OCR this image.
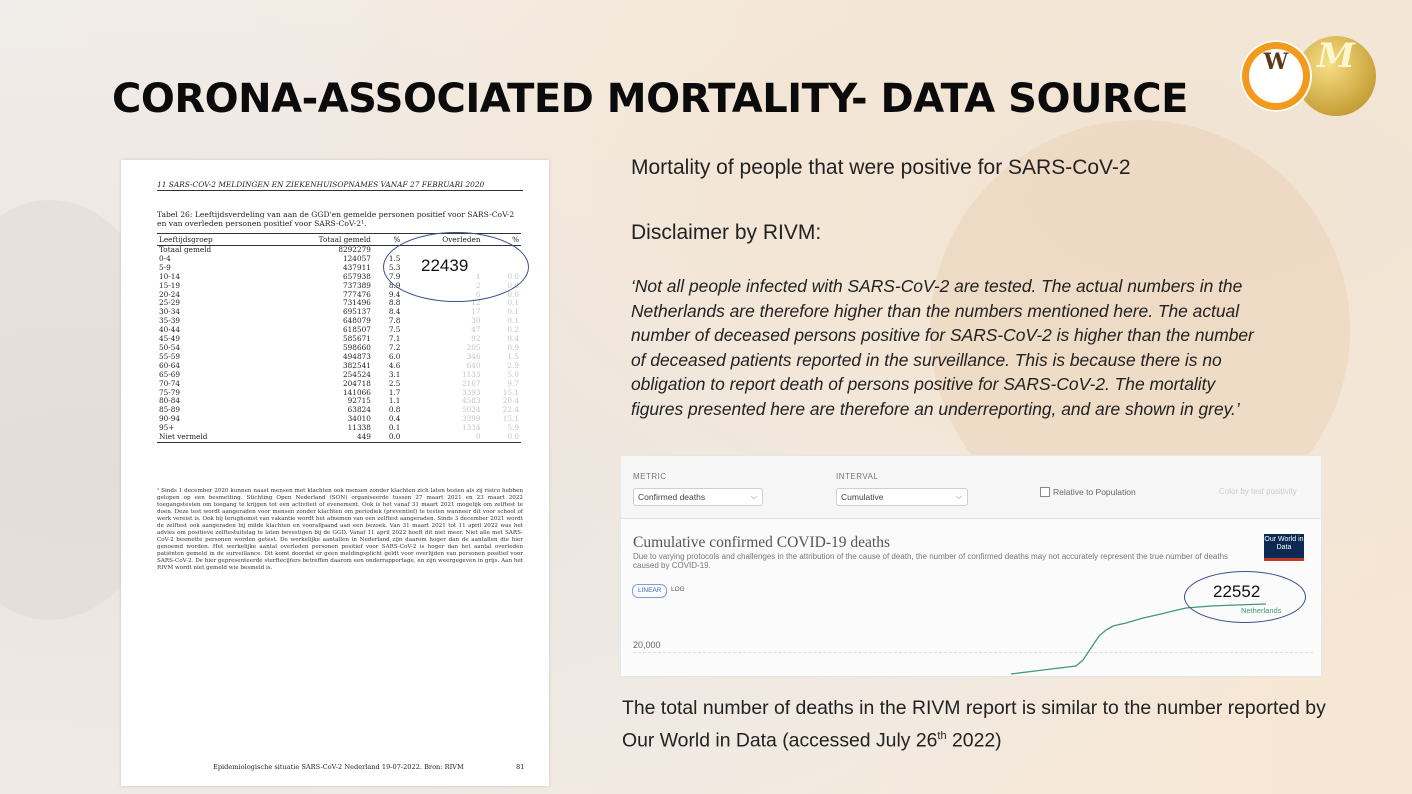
CORONA-ASSOCIATED MORTALITY- DATA SOURCE
M
W
11 SARS-COV-2 MELDINGEN EN ZIEKENHUISOPNAMES VANAF 27 FEBRUARI 2020
Tabel 26: Leeftijdsverdeling van aan de GGD'en gemelde personen positief voor SARS-CoV-2 en van overleden personen positief voor SARS-CoV-2¹.
Leeftijdsgroep	Totaal gemeld	%	Overleden	%
Totaal gemeld	8292279			
0-4	124057	1.5		
5-9	437911	5.3		
10-14	657938	7.9	1	0.0
15-19	737389	8.9	2	0.0
20-24	777476	9.4	6	0.0
25-29	731496	8.8	12	0.1
30-34	695137	8.4	17	0.1
35-39	648079	7.8	30	0.1
40-44	618507	7.5	47	0.2
45-49	585671	7.1	92	0.4
50-54	598660	7.2	205	0.9
55-59	494873	6.0	346	1.5
60-64	382541	4.6	640	2.9
65-69	254524	3.1	1133	5.0
70-74	204718	2.5	2167	9.7
75-79	141066	1.7	3393	15.1
80-84	92715	1.1	4583	20.4
85-89	63824	0.8	5024	22.4
90-94	34010	0.4	3399	15.1
95+	11338	0.1	1334	5.9
Niet vermeld	449	0.0	0	0.0
22439
¹ Sinds 1 december 2020 kunnen naast mensen met klachten ook mensen zonder klachten zich laten testen als zij risico hebben gelopen op een besmetting. Stichting Open Nederland (SON) organiseerde tussen 27 maart 2021 en 23 maart 2022 toegangstesten om toegang te krijgen tot een activiteit of evenement. Ook is het vanaf 31 maart 2021 mogelijk om zelftest te doen. Deze test wordt aangeraden voor mensen zonder klachten om periodiek (preventief) te testen wanneer dit voor school of werk vereist is. Ook bij terughomst van vakantie wordt het afnemen van een zelftest aangeraden. Sinds 3 december 2021 wordt de zelftest ook aangeraden bij milde klachten en voorafgaand aan een bezoek. Van 31 maart 2021 tot 11 april 2022 was het advies om positieve zelftestuitslag te laten bevestigen bij de GGD. Vanaf 11 april 2022 hoeft dit niet meer. Niet alle met SARS-CoV-2 besmette personen worden getest. De werkelijke aantallen in Nederland zijn daarom hoger dan de aantallen die hier genoemd worden. Het werkelijke aantal overleden personen positief voor SARS-CoV-2 is hoger dan het aantal overleden patiënten gemeld in de surveillance. Dit komt doordat er geen meldingsplicht geldt voor overlijden van personen positief voor SARS-CoV-2. De hier gepresenteerde sterftecijfers betreffen daarom een onderrapportage, en zijn weergegeven in grijs. Aan het RIVM wordt niet gemeld wie besmeld is.
Epidemiologische situatie SARS-CoV-2 Nederland 19-07-2022. Bron: RIVM	81
Mortality of people that were positive for SARS-CoV-2
Disclaimer by RIVM:
‘Not all people infected with SARS-CoV-2 are tested. The actual numbers in the Netherlands are therefore higher than the numbers mentioned here. The actual number of deceased persons positive for SARS-CoV-2 is higher than the number of deceased patients reported in the surveillance. This is because there is no obligation to report death of persons positive for SARS-CoV-2. The mortality figures presented here are therefore an underreporting, and are shown in grey.’
METRIC
Confirmed deaths	⌵
INTERVAL
Cumulative	⌵	Relative to Population	Color by test positivity
Cumulative confirmed COVID-19 deaths
Due to varying protocols and challenges in the attribution of the cause of death, the number of confirmed deaths may not accurately represent the true number of deaths caused by COVID-19.
Our World in Data
LINEAR	LOG
20,000
22552
Netherlands
The total number of deaths in the RIVM report is similar to the number reported by Our World in Data (accessed July 26th 2022)
